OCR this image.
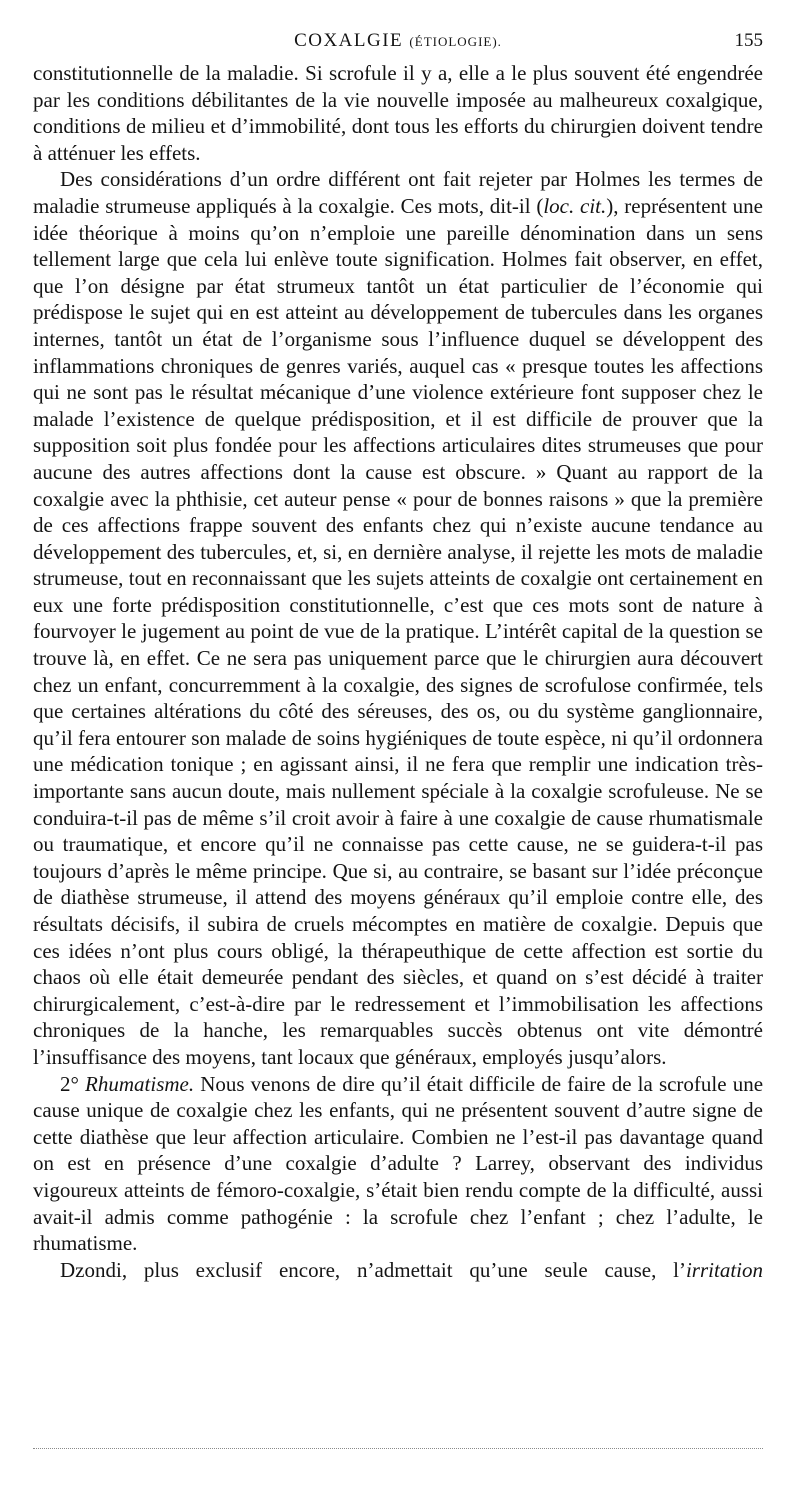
COXALGIE (ÉTIOLOGIE).	155

constitutionnelle de la maladie. Si scrofule il y a, elle a le plus souvent été engendrée par les conditions débilitantes de la vie nouvelle imposée au malheureux coxalgique, conditions de milieu et d’immobilité, dont tous les efforts du chirurgien doivent tendre à atténuer les effets.

Des considérations d’un ordre différent ont fait rejeter par Holmes les termes de maladie strumeuse appliqués à la coxalgie. Ces mots, dit-il (loc. cit.), représentent une idée théorique à moins qu’on n’emploie une pareille dénomination dans un sens tellement large que cela lui enlève toute signification. Holmes fait observer, en effet, que l’on désigne par état strumeux tantôt un état particulier de l’économie qui prédispose le sujet qui en est atteint au développement de tubercules dans les organes internes, tantôt un état de l’organisme sous l’influence duquel se développent des inflammations chroniques de genres variés, auquel cas « presque toutes les affections qui ne sont pas le résultat mécanique d’une violence extérieure font supposer chez le malade l’existence de quelque prédisposition, et il est difficile de prouver que la supposition soit plus fondée pour les affections articulaires dites strumeuses que pour aucune des autres affections dont la cause est obscure. » Quant au rapport de la coxalgie avec la phthisie, cet auteur pense « pour de bonnes raisons » que la première de ces affections frappe souvent des enfants chez qui n’existe aucune tendance au développement des tubercules, et, si, en dernière analyse, il rejette les mots de maladie strumeuse, tout en reconnaissant que les sujets atteints de coxalgie ont certainement en eux une forte prédisposition constitutionnelle, c’est que ces mots sont de nature à fourvoyer le jugement au point de vue de la pratique. L’intérêt capital de la question se trouve là, en effet. Ce ne sera pas uniquement parce que le chirurgien aura découvert chez un enfant, concurremment à la coxalgie, des signes de scrofulose confirmée, tels que certaines altérations du côté des séreuses, des os, ou du système ganglionnaire, qu’il fera entourer son malade de soins hygiéniques de toute espèce, ni qu’il ordonnera une médication tonique ; en agissant ainsi, il ne fera que remplir une indication très-importante sans aucun doute, mais nullement spéciale à la coxalgie scrofuleuse. Ne se conduira-t-il pas de même s’il croit avoir à faire à une coxalgie de cause rhumatismale ou traumatique, et encore qu’il ne connaisse pas cette cause, ne se guidera-t-il pas toujours d’après le même principe. Que si, au contraire, se basant sur l’idée préconçue de diathèse strumeuse, il attend des moyens généraux qu’il emploie contre elle, des résultats décisifs, il subira de cruels mécomptes en matière de coxalgie. Depuis que ces idées n’ont plus cours obligé, la thérapeuthique de cette affection est sortie du chaos où elle était demeurée pendant des siècles, et quand on s’est décidé à traiter chirurgicalement, c’est-à-dire par le redressement et l’immobilisation les affections chroniques de la hanche, les remarquables succès obtenus ont vite démontré l’insuffisance des moyens, tant locaux que généraux, employés jusqu’alors.

2° Rhumatisme. Nous venons de dire qu’il était difficile de faire de la scrofule une cause unique de coxalgie chez les enfants, qui ne présentent souvent d’autre signe de cette diathèse que leur affection articulaire. Combien ne l’est-il pas davantage quand on est en présence d’une coxalgie d’adulte ? Larrey, observant des individus vigoureux atteints de fémoro-coxalgie, s’était bien rendu compte de la difficulté, aussi avait-il admis comme pathogénie : la scrofule chez l’enfant ; chez l’adulte, le rhumatisme.

Dzondi, plus exclusif encore, n’admettait qu’une seule cause, l’irritation
